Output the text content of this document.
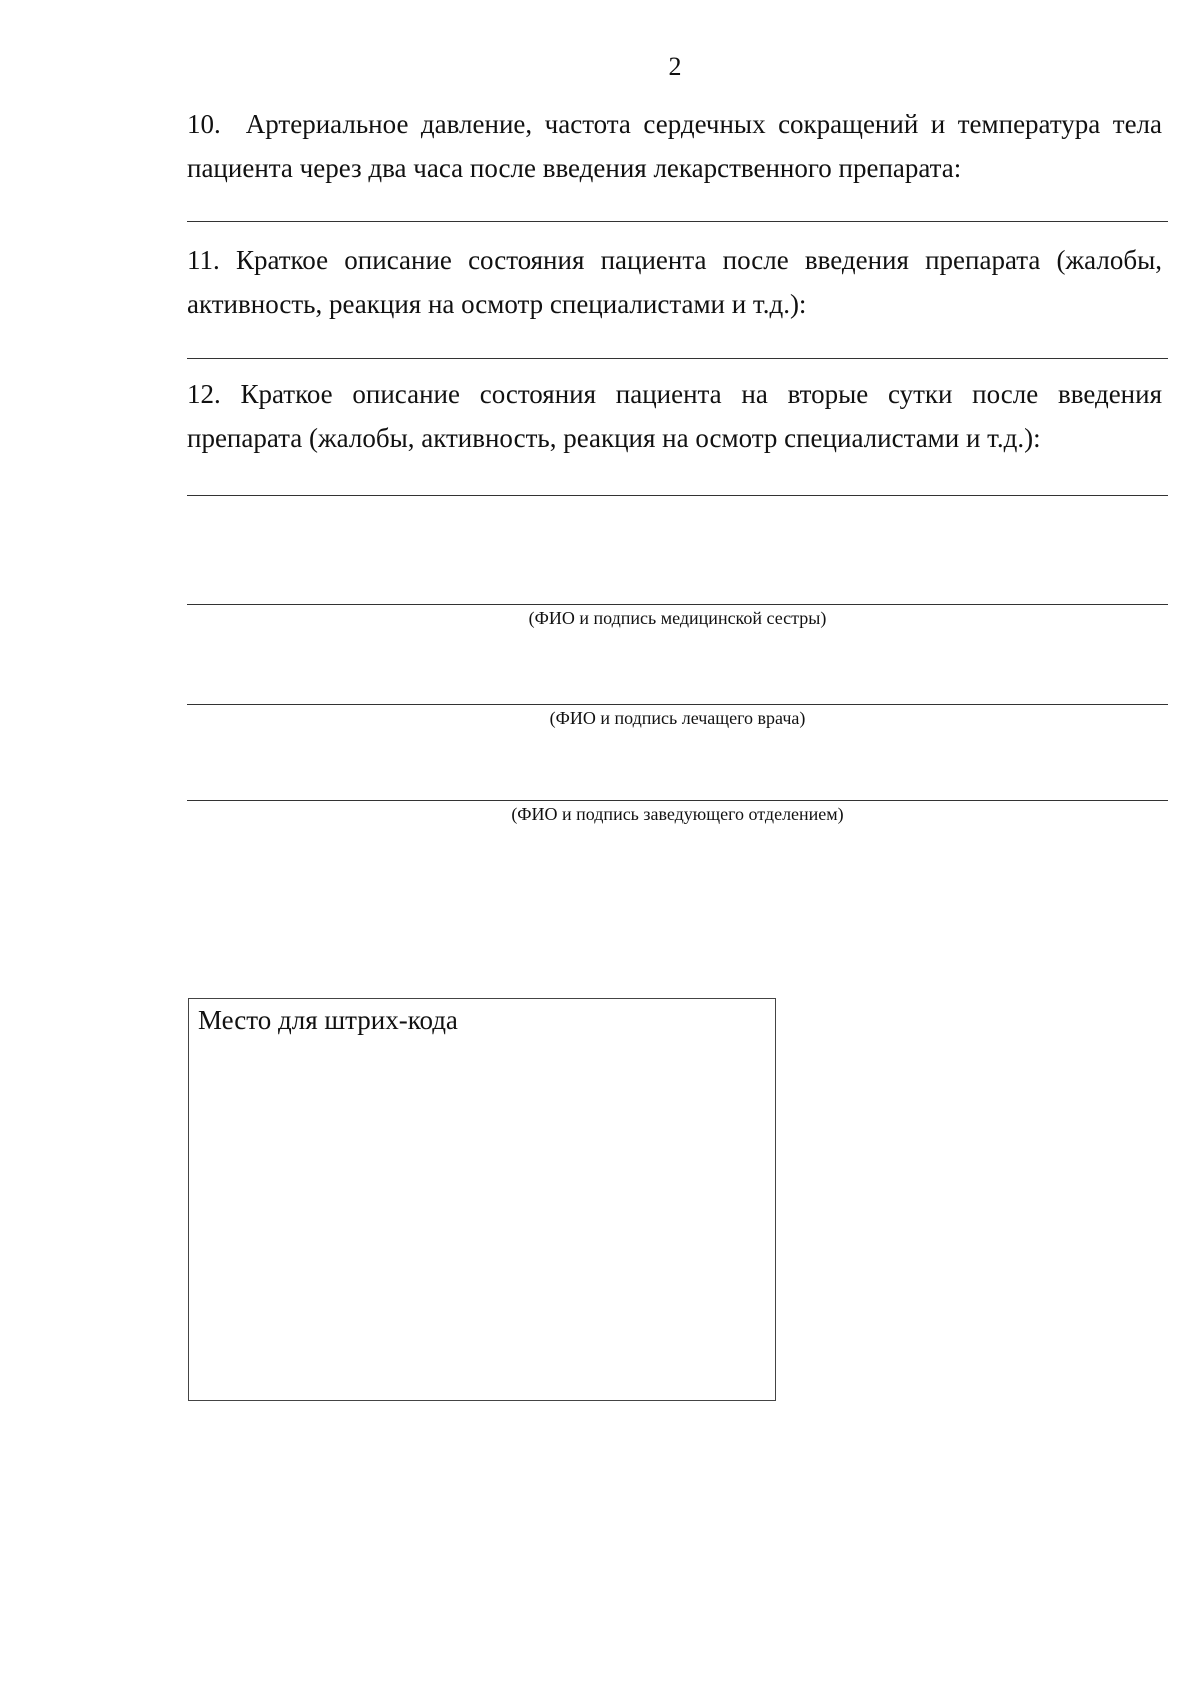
2
10. Артериальное давление, частота сердечных сокращений и температура тела пациента через два часа после введения лекарственного препарата:
11. Краткое описание состояния пациента после введения препарата (жалобы, активность, реакция на осмотр специалистами и т.д.):
12. Краткое описание состояния пациента на вторые сутки после введения препарата (жалобы, активность, реакция на осмотр специалистами и т.д.):
(ФИО и подпись медицинской сестры)
(ФИО и подпись лечащего врача)
(ФИО и подпись заведующего отделением)
Место для штрих-кода
